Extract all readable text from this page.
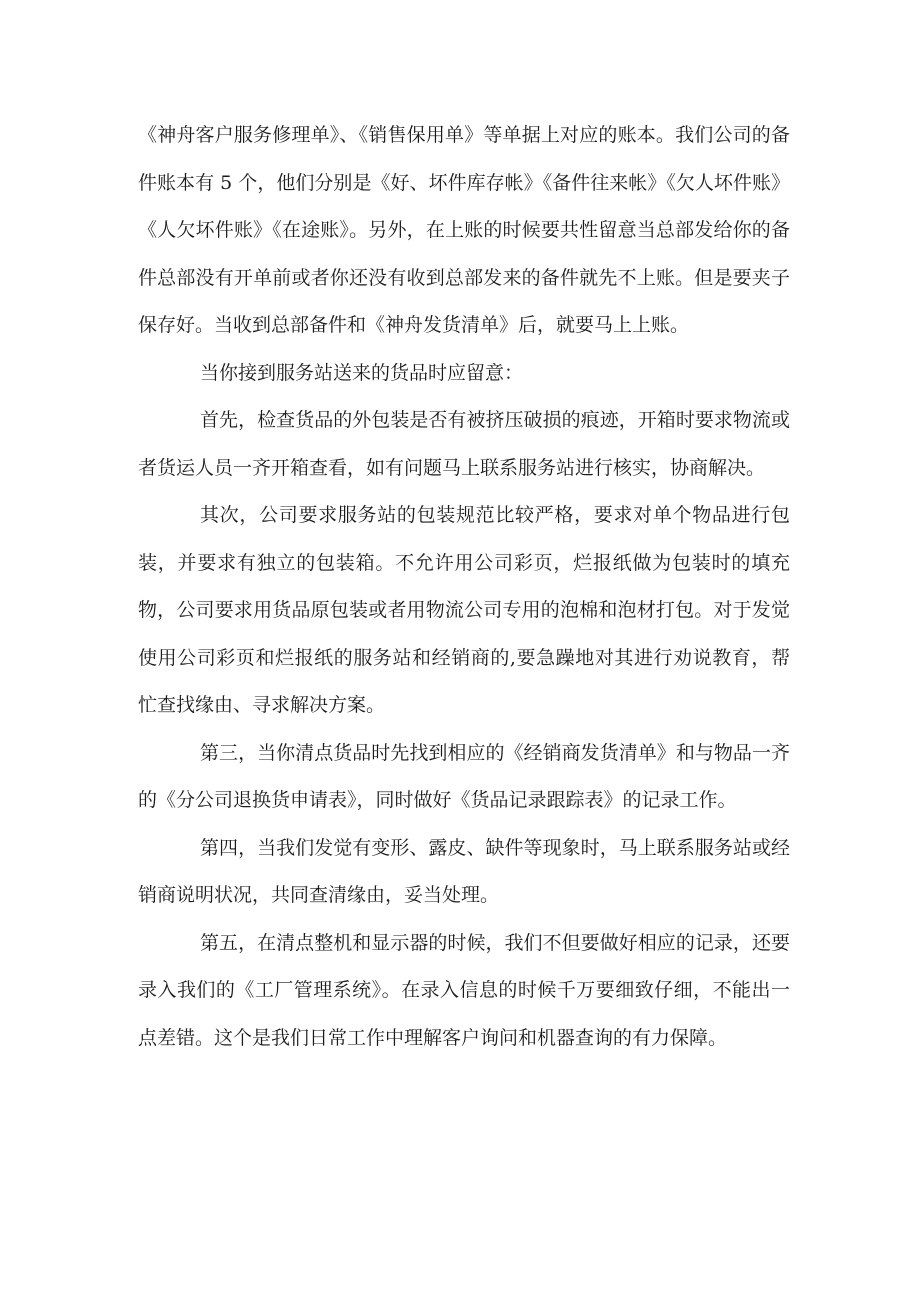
《神舟客户服务修理单》、《销售保用单》等单据上对应的账本。我们公司的备件账本有 5 个，他们分别是《好、坏件库存帐》《备件往来帐》《欠人坏件账》《人欠坏件账》《在途账》。另外，在上账的时候要共性留意当总部发给你的备件总部没有开单前或者你还没有收到总部发来的备件就先不上账。但是要夹子保存好。当收到总部备件和《神舟发货清单》后，就要马上上账。

当你接到服务站送来的货品时应留意：

首先，检查货品的外包装是否有被挤压破损的痕迹，开箱时要求物流或者货运人员一齐开箱查看，如有问题马上联系服务站进行核实，协商解决。

其次，公司要求服务站的包装规范比较严格，要求对单个物品进行包装，并要求有独立的包装箱。不允许用公司彩页，烂报纸做为包装时的填充物，公司要求用货品原包装或者用物流公司专用的泡棉和泡材打包。对于发觉使用公司彩页和烂报纸的服务站和经销商的,要急躁地对其进行劝说教育，帮忙查找缘由、寻求解决方案。

第三，当你清点货品时先找到相应的《经销商发货清单》和与物品一齐的《分公司退换货申请表》，同时做好《货品记录跟踪表》的记录工作。

第四，当我们发觉有变形、露皮、缺件等现象时，马上联系服务站或经销商说明状况，共同查清缘由，妥当处理。

第五，在清点整机和显示器的时候，我们不但要做好相应的记录，还要录入我们的《工厂管理系统》。在录入信息的时候千万要细致仔细，不能出一点差错。这个是我们日常工作中理解客户询问和机器查询的有力保障。
